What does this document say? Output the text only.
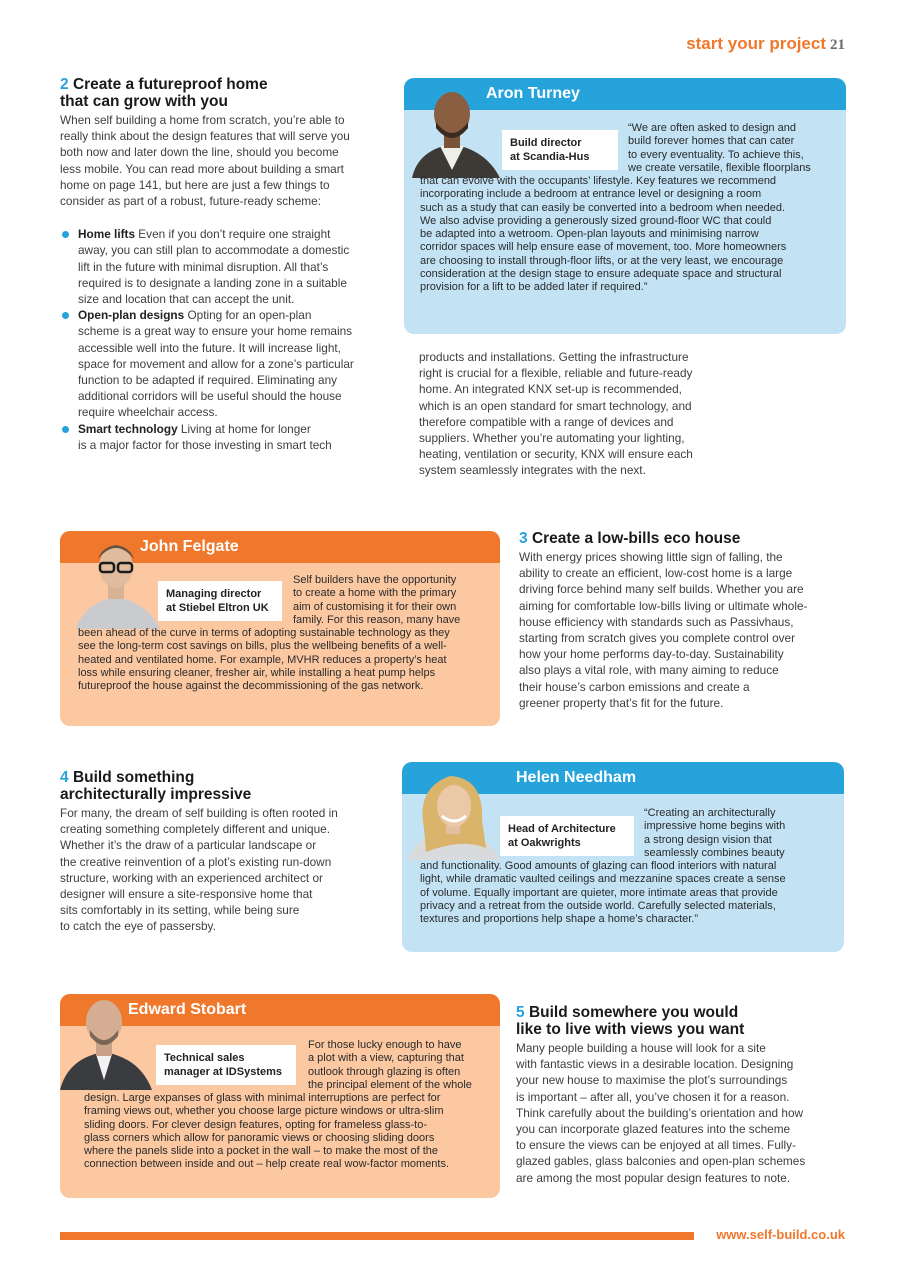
start your project 21
2 Create a futureproof home
that can grow with you
When self building a home from scratch, you’re able to
really think about the design features that will serve you
both now and later down the line, should you become
less mobile. You can read more about building a smart
home on page 141, but here are just a few things to
consider as part of a robust, future-ready scheme:
Home lifts Even if you don’t require one straight
away, you can still plan to accommodate a domestic
lift in the future with minimal disruption. All that’s
required is to designate a landing zone in a suitable
size and location that can accept the unit.
Open-plan designs Opting for an open-plan
scheme is a great way to ensure your home remains
accessible well into the future. It will increase light,
space for movement and allow for a zone’s particular
function to be adapted if required. Eliminating any
additional corridors will be useful should the house
require wheelchair access.
Smart technology Living at home for longer
is a major factor for those investing in smart tech
products and installations. Getting the infrastructure
right is crucial for a flexible, reliable and future-ready
home. An integrated KNX set-up is recommended,
which is an open standard for smart technology, and
therefore compatible with a range of devices and
suppliers. Whether you’re automating your lighting,
heating, ventilation or security, KNX will ensure each
system seamlessly integrates with the next.
Aron Turney
Build director
at Scandia-Hus
“We are often asked to design and
build forever homes that can cater
to every eventuality. To achieve this,
we create versatile, flexible floorplans
that can evolve with the occupants’ lifestyle. Key features we recommend
incorporating include a bedroom at entrance level or designing a room
such as a study that can easily be converted into a bedroom when needed.
We also advise providing a generously sized ground-floor WC that could
be adapted into a wetroom. Open-plan layouts and minimising narrow
corridor spaces will help ensure ease of movement, too. More homeowners
are choosing to install through-floor lifts, or at the very least, we encourage
consideration at the design stage to ensure adequate space and structural
provision for a lift to be added later if required.”
John Felgate
Managing director
at Stiebel Eltron UK
Self builders have the opportunity
to create a home with the primary
aim of customising it for their own
family. For this reason, many have
been ahead of the curve in terms of adopting sustainable technology as they
see the long-term cost savings on bills, plus the wellbeing benefits of a well-
heated and ventilated home. For example, MVHR reduces a property’s heat
loss while ensuring cleaner, fresher air, while installing a heat pump helps
futureproof the house against the decommissioning of the gas network.
3 Create a low-bills eco house
With energy prices showing little sign of falling, the
ability to create an efficient, low-cost home is a large
driving force behind many self builds. Whether you are
aiming for comfortable low-bills living or ultimate whole-
house efficiency with standards such as Passivhaus,
starting from scratch gives you complete control over
how your home performs day-to-day. Sustainability
also plays a vital role, with many aiming to reduce
their house’s carbon emissions and create a
greener property that’s fit for the future.
4 Build something
architecturally impressive
For many, the dream of self building is often rooted in
creating something completely different and unique.
Whether it’s the draw of a particular landscape or
the creative reinvention of a plot’s existing run-down
structure, working with an experienced architect or
designer will ensure a site-responsive home that
sits comfortably in its setting, while being sure
to catch the eye of passersby.
Helen Needham
Head of Architecture
at Oakwrights
“Creating an architecturally
impressive home begins with
a strong design vision that
seamlessly combines beauty
and functionality. Good amounts of glazing can flood interiors with natural
light, while dramatic vaulted ceilings and mezzanine spaces create a sense
of volume. Equally important are quieter, more intimate areas that provide
privacy and a retreat from the outside world. Carefully selected materials,
textures and proportions help shape a home’s character.”
Edward Stobart
Technical sales
manager at IDSystems
For those lucky enough to have
a plot with a view, capturing that
outlook through glazing is often
the principal element of the whole
design. Large expanses of glass with minimal interruptions are perfect for
framing views out, whether you choose large picture windows or ultra-slim
sliding doors. For clever design features, opting for frameless glass-to-
glass corners which allow for panoramic views or choosing sliding doors
where the panels slide into a pocket in the wall – to make the most of the
connection between inside and out – help create real wow-factor moments.
5 Build somewhere you would
like to live with views you want
Many people building a house will look for a site
with fantastic views in a desirable location. Designing
your new house to maximise the plot’s surroundings
is important – after all, you’ve chosen it for a reason.
Think carefully about the building’s orientation and how
you can incorporate glazed features into the scheme
to ensure the views can be enjoyed at all times. Fully-
glazed gables, glass balconies and open-plan schemes
are among the most popular design features to note.
www.self-build.co.uk
